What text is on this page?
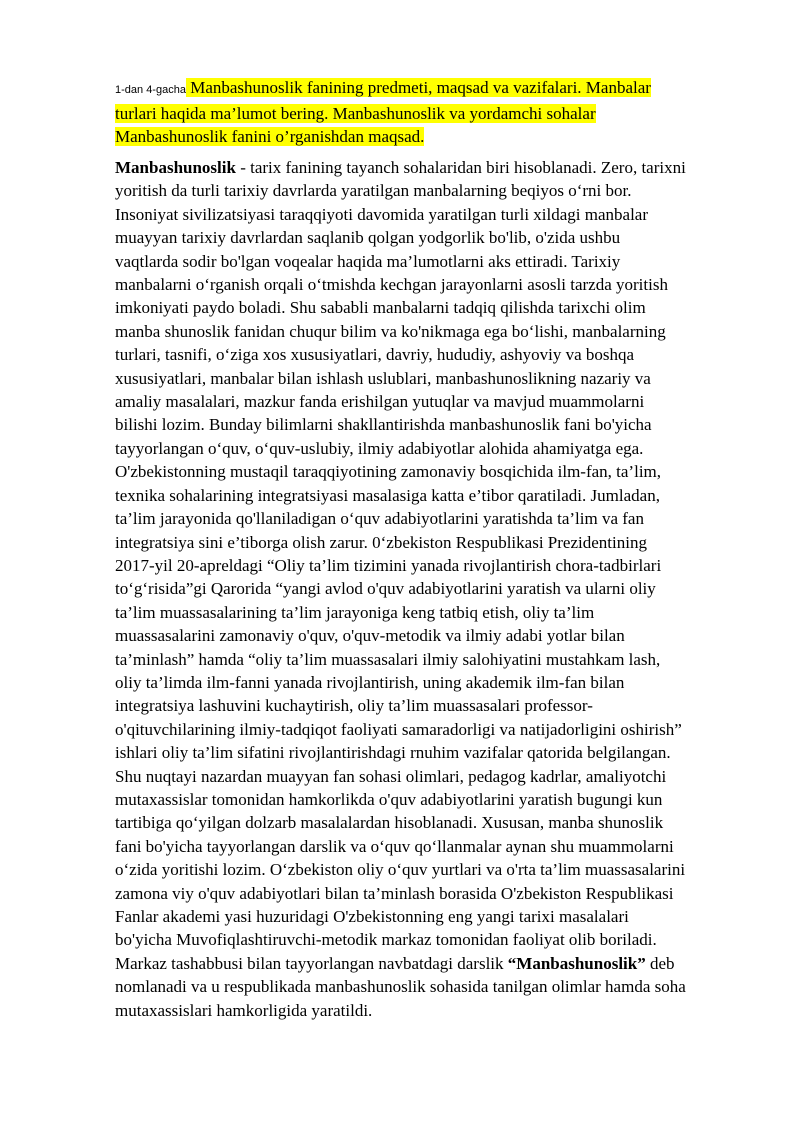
1-dan 4-gacha Manbashunoslik fanining predmeti, maqsad va vazifalari. Manbalar turlari haqida ma’lumot bering. Manbashunoslik va yordamchi sohalar Manbashunoslik fanini o’rganishdan maqsad.

Manbashunoslik - tarix fanining tayanch sohalaridan biri hisoblanadi. Zero, tarixni yoritish da turli tarixiy davrlarda yaratilgan manbalarning beqiyos o‘rni bor. Insoniyat sivilizatsiyasi taraqqiyoti davomida yaratilgan turli xildagi manbalar muayyan tarixiy davrlardan saqlanib qolgan yodgorlik bo'lib, o'zida ushbu vaqtlarda sodir bo'lgan voqealar haqida ma’lumotlarni aks ettiradi. Tarixiy manbalarni o‘rganish orqali o‘tmishda kechgan jarayonlarni asosli tarzda yoritish imkoniyati paydo boladi. Shu sababli manbalarni tadqiq qilishda tarixchi olim manba shunoslik fanidan chuqur bilim va ko'nikmaga ega bo‘lishi, manbalarning turlari, tasnifi, o‘ziga xos xususiyatlari, davriy, hududiy, ashyoviy va boshqa xususiyatlari, manbalar bilan ishlash uslublari, manbashunoslikning nazariy va amaliy masalalari, mazkur fanda erishilgan yutuqlar va mavjud muammolarni bilishi lozim. Bunday bilimlarni shakllantirishda manbashunoslik fani bo'yicha tayyorlangan o‘quv, o‘quv-uslubiy, ilmiy adabiyotlar alohida ahamiyatga ega. O'zbekistonning mustaqil taraqqiyotining zamonaviy bosqichida ilm-fan, ta’lim, texnika sohalarining integratsiyasi masalasiga katta e’tibor qaratiladi. Jumladan, ta’lim jarayonida qo'llaniladigan o‘quv adabiyotlarini yaratishda ta’lim va fan integratsiya sini e’tiborga olish zarur. 0‘zbekiston Respublikasi Prezidentining 2017-yil 20-apreldagi “Oliy ta’lim tizimini yanada rivojlantirish chora-tadbirlari to‘g‘risida”gi Qarorida “yangi avlod o'quv adabiyotlarini yaratish va ularni oliy ta’lim muassasalarining ta’lim jarayoniga keng tatbiq etish, oliy ta’lim muassasalarini zamonaviy o'quv, o'quv-metodik va ilmiy adabi yotlar bilan ta’minlash” hamda “oliy ta’lim muassasalari ilmiy salohiyatini mustahkam lash, oliy ta’limda ilm-fanni yanada rivojlantirish, uning akademik ilm-fan bilan integratsiya lashuvini kuchaytirish, oliy ta’lim muassasalari professor-o'qituvchilarining ilmiy-tadqiqot faoliyati samaradorligi va natijadorligini oshirish” ishlari oliy ta’lim sifatini rivojlantirishdagi rnuhim vazifalar qatorida belgilangan. Shu nuqtayi nazardan muayyan fan sohasi olimlari, pedagog kadrlar, amaliyotchi mutaxassislar tomonidan hamkorlikda o'quv adabiyotlarini yaratish bugungi kun tartibiga qo‘yilgan dolzarb masalalardan hisoblanadi. Xususan, manba shunoslik fani bo'yicha tayyorlangan darslik va o‘quv qo‘llanmalar aynan shu muammolarni o‘zida yoritishi lozim. O‘zbekiston oliy o‘quv yurtlari va o'rta ta’lim muassasalarini zamona viy o'quv adabiyotlari bilan ta’minlash borasida O'zbekiston Respublikasi Fanlar akademi yasi huzuridagi O'zbekistonning eng yangi tarixi masalalari bo'yicha Muvofiqlashtiruvchi-metodik markaz tomonidan faoliyat olib boriladi. Markaz tashabbusi bilan tayyorlangan navbatdagi darslik “Manbashunoslik” deb nomlanadi va u respublikada manbashunoslik sohasida tanilgan olimlar hamda soha mutaxassislari hamkorligida yaratildi.
